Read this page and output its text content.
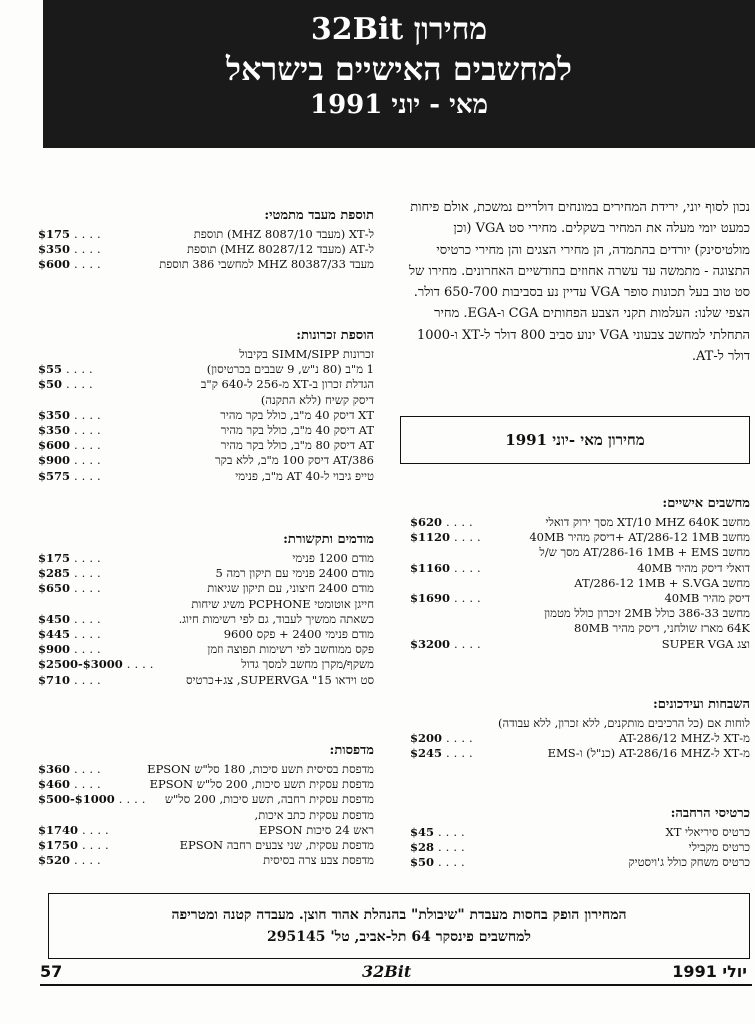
מחירון 32Bit
למחשבים האישיים בישראל
מאי - יוני 1991
נכון לסוף יוני, ירידת המחירים במונחים דולריים נמשכת, אולם פיחות כמעט יומי מעלה את המחיר בשקלים. מחירי סט VGA (וכן מולטיסינק) יורדים בהתמדה, הן מחירי הצגים והן מחירי כרטיסי התצוגה - מתמשה עד עשרה אחוזים בחודשיים האחרונים. מחירו של סט טוב בעל תכונות סופר VGA עדיין נע בסביבות 650-700 דולר. הצפי שלנו: העלמות תקני הצבע הפחותים CGA ו-EGA. מחיר התחלתי למחשב צבעוני VGA ינוע סביב 800 דולר ל-XT ו-1000 דולר ל-AT.
מחירון מאי -יוני 1991
מחשבים אישיים:
מחשב XT/10 MHZ 640K מסך ירוק דואלי
....
$620
מחשב AT/286-12 1MB +דיסק מהיר 40MB
....
$1120
מחשב AT/286-16 1MB + EMS מסך ש/ל
דואלי דיסק מהיר 40MB
....
$1160
מחשב AT/286-12 1MB + S.VGA
דיסק מהיר 40MB
....
$1690
מחשב 386-33 כולל 2MB זיכרון כולל מטמון
64K מארז שולחני, דיסק מהיר 80MB
וצג SUPER VGA
....
$3200
השבחות ועידכונים:
לוחות אם (כל הרכיבים מותקנים, ללא זכרון, ללא עבודה)
מ-XT ל-AT-286/12 MHZ
....
$200
מ-XT ל-AT-286/16 MHZ (כנ"ל) ו-EMS
....
$245
כרטיסי הרחבה:
כרטיס סיריאלי XT
....
$45
כרטיס מקבילי
....
$28
כרטיס משחק כולל ג'ויסטיק
....
$50
תוספת מעבד מתמטי:
ל-XT (מעבד 8087/10 MHZ) תוספת
....
$175
ל-AT (מעבד 80287/12 MHZ) תוספת
....
$350
מעבד 80387/33 MHZ למחשבי 386 תוספת
....
$600
הוספת זכרונות:
זכרונות SIMM/SIPP בקיבול
1 מ"ב (80 נ"ש, 9 שבבים בכרטיסון)
....
$55
הגדלת זכרון ב-XT מ-256 ל-640 ק"ב
....
$50
דיסק קשיח (ללא התקנה)
XT דיסק 40 מ"ב, כולל בקר מהיר
....
$350
AT דיסק 40 מ"ב, כולל בקר מהיר
....
$350
AT דיסק 80 מ"ב, כולל בקר מהיר
....
$600
AT/386 דיסק 100 מ"ב, ללא בקר
....
$900
טייפ גיבוי ל-AT 40 מ"ב, פנימי
....
$575
מודמים ותקשורת:
מודם 1200 פנימי
....
$175
מודם 2400 פנימי עם תיקון רמה 5
....
$285
מודם 2400 חיצוני, עם תיקון שגיאות
....
$650
חייגן אוטומטי PCPHONE משיג שיחות
כשאתה ממשיך לעבוד, גם לפי רשימות חיוג.
....
$450
מודם פנימי 2400 + פקס 9600
....
$445
פקס ממוחשב לפי רשימות תפוצה וזמן
....
$900
משקף/מקרן מחשב למסך גדול
....
$2500-$3000
סט וידאו 15" SUPERVGA, צג+כרטיס
....
$710
מדפסות:
מדפסת בסיסית תשע סיכות, 180 סל"ש EPSON
....
$360
מדפסת עסקית תשע סיכות, 200 סל"ש EPSON
....
$460
מדפסת עסקית רחבה, תשע סיכות, 200 סל"ש
....
$500-$1000
מדפסת עסקית כתב איכות,
ראש 24 סיכות EPSON
....
$1740
מדפסת עסקית, שני צבעים רחבה EPSON
....
$1750
מדפסת צבע צרה בסיסית
....
$520
המחירון הופק בחסות מעבדת "שיבולת" בהנהלת אהוד חוצן. מעבדה קטנה ומטריפה
למחשבים פינסקר 64 תל-אביב, טל' 295145
57	32Bit	יולי 1991
